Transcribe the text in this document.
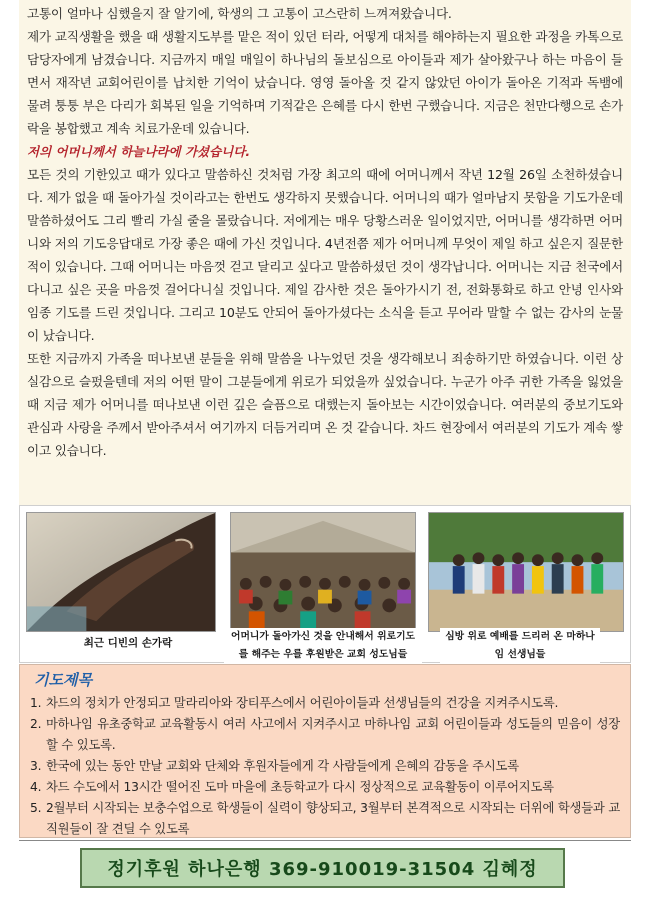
고통이 얼마나 심했을지 잘 알기에, 학생의 그 고통이 고스란히 느껴져왔습니다.

제가 교직생활을 했을 때 생활지도부를 맡은 적이 있던 터라, 어떻게 대처를 해야하는지 필요한 과정을 카톡으로 담당자에게 남겼습니다. 지금까지 매일 매일이 하나님의 돌보심으로 아이들과 제가 살아왔구나 하는 마음이 들면서 재작년 교회어린이를 납치한 기억이 났습니다. 영영 돌아올 것 같지 않았던 아이가 돌아온 기적과 독뱀에 물려 퉁퉁 부은 다리가 회복된 일을 기억하며 기적같은 은혜를 다시 한번 구했습니다. 지금은 천만다행으로 손가락을 봉합했고 계속 치료가운데 있습니다.

저의 어머니께서 하늘나라에 가셨습니다.

모든 것의 기한있고 때가 있다고 말씀하신 것처럼 가장 최고의 때에 어머니께서 작년 12월 26일 소천하셨습니다. 제가 없을 때 돌아가실 것이라고는 한번도 생각하지 못했습니다. 어머니의 때가 얼마남지 못함을 기도가운데 말씀하셨어도 그리 빨리 가실 줄을 몰랐습니다. 저에게는 매우 당황스러운 일이었지만, 어머니를 생각하면 어머니와 저의 기도응답대로 가장 좋은 때에 가신 것입니다. 4년전쯤 제가 어머니께 무엇이 제일 하고 싶은지 질문한 적이 있습니다. 그때 어머니는 마음껏 걷고 달리고 싶다고 말씀하셨던 것이 생각납니다. 어머니는 지금 천국에서 다니고 싶은 곳을 마음껏 걸어다니실 것입니다. 제일 감사한 것은 돌아가시기 전, 전화통화로 하고 안녕 인사와 임종 기도를 드린 것입니다. 그리고 10분도 안되어 돌아가셨다는 소식을 듣고 무어라 말할 수 없는 감사의 눈물이 났습니다.

또한 지금까지 가족을 떠나보낸 분들을 위해 말씀을 나누었던 것을 생각해보니 죄송하기만 하였습니다. 이런 상실감으로 슬펐을텐데 저의 어떤 말이 그분들에게 위로가 되었을까 싶었습니다. 누군가 아주 귀한 가족을 잃었을 때 지금 제가 어머니를 떠나보낸 이런 깊은 슬픔으로 대했는지 돌아보는 시간이었습니다. 여러분의 중보기도와 관심과 사랑을 주께서 받아주셔서 여기까지 더듬거리며 온 것 같습니다. 차드 현장에서 여러분의 기도가 계속 쌓이고 있습니다.

최근 디빈의 손가락
어머니가 돌아가신 것을 안내해서 위로기도를 해주는 우를 후원받은 교회 성도님들
심방 위로 예배를 드리러 온 마하나임 선생님들

기도제목

1. 차드의 정치가 안정되고 말라리아와 장티푸스에서 어린아이들과 선생님들의 건강을 지켜주시도록.
2. 마하나임 유초중학교 교육활동시 여러 사고에서 지켜주시고 마하나임 교회 어린이들과 성도들의 믿음이 성장할 수 있도록.
3. 한국에 있는 동안 만날 교회와 단체와 후원자들에게 각 사람들에게 은혜의 감동을 주시도록
4. 차드 수도에서 13시간 떨어진 도마 마을에 초등학교가 다시 정상적으로 교육활동이 이루어지도록
5. 2월부터 시작되는 보충수업으로 학생들이 실력이 향상되고, 3월부터 본격적으로 시작되는 더위에 학생들과 교직원들이 잘 견딜 수 있도록
정기후원 하나은행 369-910019-31504 김혜정
